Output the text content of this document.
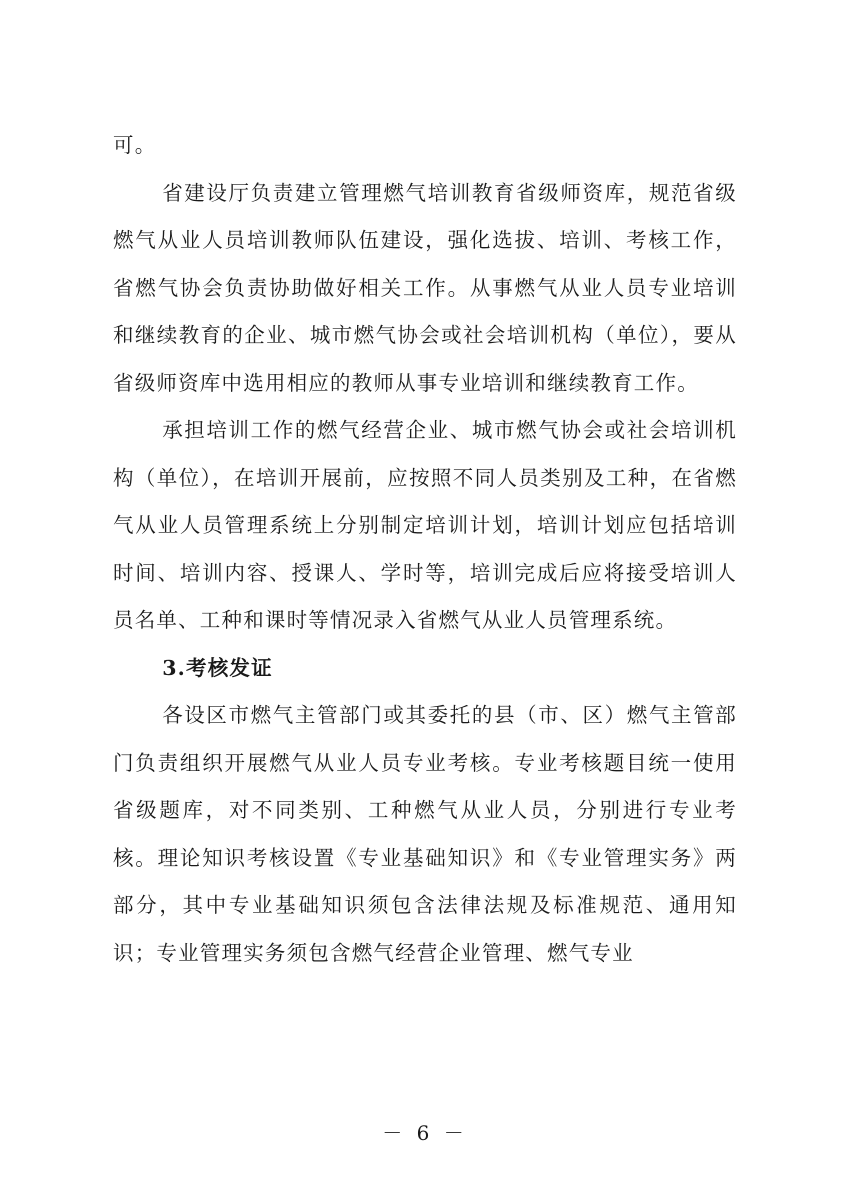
可。

省建设厅负责建立管理燃气培训教育省级师资库，规范省级燃气从业人员培训教师队伍建设，强化选拔、培训、考核工作，省燃气协会负责协助做好相关工作。从事燃气从业人员专业培训和继续教育的企业、城市燃气协会或社会培训机构（单位），要从省级师资库中选用相应的教师从事专业培训和继续教育工作。

承担培训工作的燃气经营企业、城市燃气协会或社会培训机构（单位），在培训开展前，应按照不同人员类别及工种，在省燃气从业人员管理系统上分别制定培训计划，培训计划应包括培训时间、培训内容、授课人、学时等，培训完成后应将接受培训人员名单、工种和课时等情况录入省燃气从业人员管理系统。

3.考核发证

各设区市燃气主管部门或其委托的县（市、区）燃气主管部门负责组织开展燃气从业人员专业考核。专业考核题目统一使用省级题库，对不同类别、工种燃气从业人员，分别进行专业考核。理论知识考核设置《专业基础知识》和《专业管理实务》两部分，其中专业基础知识须包含法律法规及标准规范、通用知识；专业管理实务须包含燃气经营企业管理、燃气专业

－ 6 －
